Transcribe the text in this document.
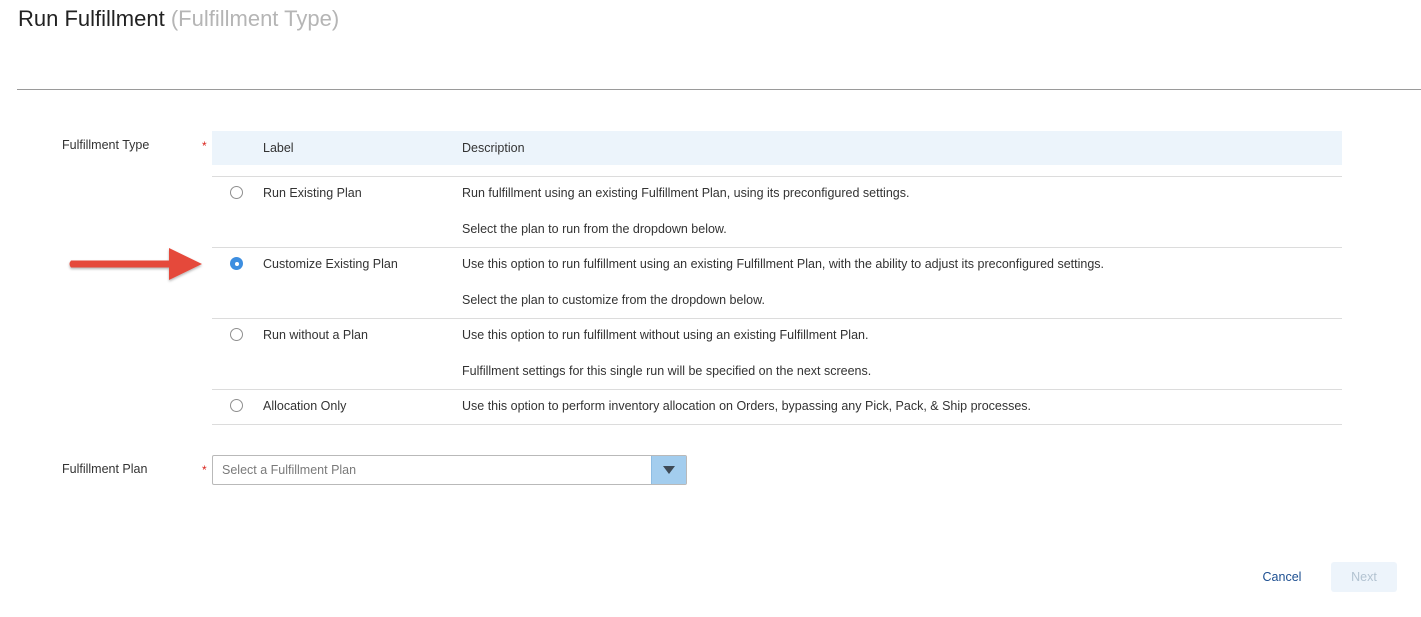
Run Fulfillment (Fulfillment Type)
Fulfillment Type	*	Label	Description
Run Existing Plan	Run fulfillment using an existing Fulfillment Plan, using its preconfigured settings.
Select the plan to run from the dropdown below.
Customize Existing Plan	Use this option to run fulfillment using an existing Fulfillment Plan, with the ability to adjust its preconfigured settings.
Select the plan to customize from the dropdown below.
Run without a Plan	Use this option to run fulfillment without using an existing Fulfillment Plan.
Fulfillment settings for this single run will be specified on the next screens.
Allocation Only	Use this option to perform inventory allocation on Orders, bypassing any Pick, Pack, & Ship processes.
Fulfillment Plan	* Select a Fulfillment Plan
Cancel	Next
